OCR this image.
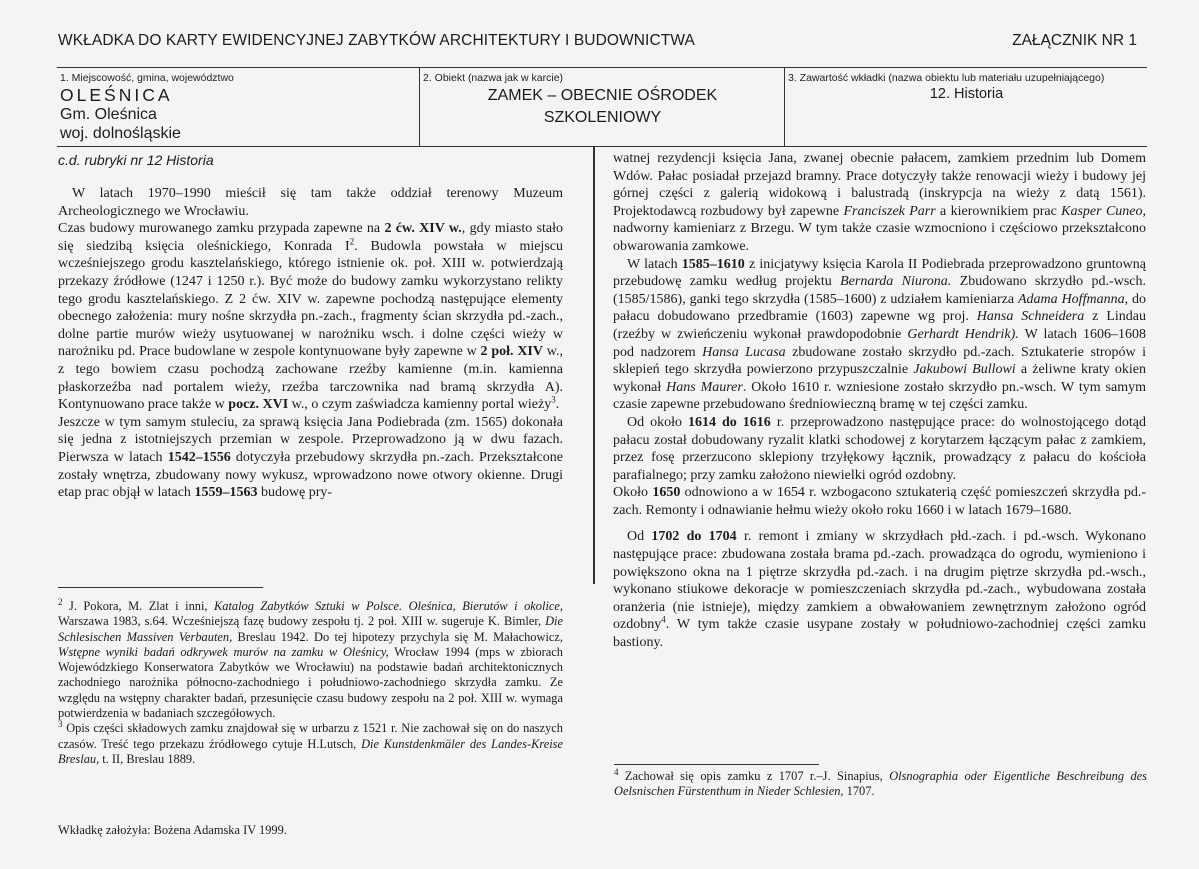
WKŁADKA DO KARTY EWIDENCYJNEJ ZABYTKÓW ARCHITEKTURY I BUDOWNICTWA	ZAŁĄCZNIK NR 1
1. Miejscowość, gmina, województwo
OLEŚNICA
Gm. Oleśnica
woj. dolnośląskie
2. Obiekt (nazwa jak w karcie)
ZAMEK – OBECNIE OŚRODEK
SZKOLENIOWY
3. Zawartość wkładki (nazwa obiektu lub materiału uzupełniającego)
12. Historia
c.d. rubryki nr 12 Historia

W latach 1970–1990 mieścił się tam także oddział terenowy Muzeum Archeologicznego we Wrocławiu.

Czas budowy murowanego zamku przypada zapewne na 2 ćw. XIV w., gdy miasto stało się siedzibą księcia oleśnickiego, Konrada $I^2$. Budowla powstała w miejscu wcześniejszego grodu kasztelańskiego, którego istnienie ok. poł. XIII w. potwierdzają przekazy źródłowe (1247 i 1250 r.). Być może do budowy zamku wykorzystano relikty tego grodu kasztelańskiego. Z 2 ćw. XIV w. zapewne pochodzą następujące elementy obecnego założenia: mury nośne skrzydła pn.-zach., fragmenty ścian skrzydła pd.-zach., dolne partie murów wieży usytuowanej w narożniku wsch. i dolne części wieży w narożniku pd. Prace budowlane w zespole kontynuowane były zapewne w 2 poł. XIV w., z tego bowiem czasu pochodzą zachowane rzeźby kamienne (m.in. kamienna płaskorzeźba nad portalem wieży, rzeźba tarczownika nad bramą skrzydła A). Kontynuowano prace także w pocz. XVI w., o czym zaświadcza kamienny portal wieży$^3$.

Jeszcze w tym samym stuleciu, za sprawą księcia Jana Podiebrada (zm. 1565) dokonała się jedna z istotniejszych przemian w zespole. Przeprowadzono ją w dwu fazach. Pierwsza w latach 1542–1556 dotyczyła przebudowy skrzydła pn.-zach. Przekształcone zostały wnętrza, zbudowany nowy wykusz, wprowadzono nowe otwory okienne. Drugi etap prac objął w latach 1559–1563 budowę pry-

watnej rezydencji księcia Jana, zwanej obecnie pałacem, zamkiem przednim lub Domem Wdów. Pałac posiadał przejazd bramny. Prace dotyczyły także renowacji wieży i budowy jej górnej części z galerią widokową i balustradą (inskrypcja na wieży z datą 1561). Projektodawcą rozbudowy był zapewne Franciszek Parr a kierownikiem prac Kasper Cuneo, nadworny kamieniarz z Brzegu. W tym także czasie wzmocniono i częściowo przekształcono obwarowania zamkowe.

W latach 1585–1610 z inicjatywy księcia Karola II Podiebrada przeprowadzono gruntowną przebudowę zamku według projektu Bernarda Niurona. Zbudowano skrzydło pd.-wsch. (1585/1586), ganki tego skrzydła (1585–1600) z udziałem kamieniarza Adama Hoffmanna, do pałacu dobudowano przedbramie (1603) zapewne wg proj. Hansa Schneidera z Lindau (rzeźby w zwieńczeniu wykonał prawdopodobnie Gerhardt Hendrik). W latach 1606–1608 pod nadzorem Hansa Lucasa zbudowane zostało skrzydło pd.-zach. Sztukaterie stropów i sklepień tego skrzydła powierzono przypuszczalnie Jakubowi Bullowi a żeliwne kraty okien wykonał Hans Maurer. Około 1610 r. wzniesione zostało skrzydło pn.-wsch. W tym samym czasie zapewne przebudowano średniowieczną bramę w tej części zamku.

Od około 1614 do 1616 r. przeprowadzono następujące prace: do wolnostojącego dotąd pałacu został dobudowany ryzalit klatki schodowej z korytarzem łączącym pałac z zamkiem, przez fosę przerzucono sklepiony trzyłękowy łącznik, prowadzący z pałacu do kościoła parafialnego; przy zamku założono niewielki ogród ozdobny.

Około 1650 odnowiono a w 1654 r. wzbogacono sztukaterią część pomieszczeń skrzydła pd.-zach. Remonty i odnawianie hełmu wieży około roku 1660 i w latach 1679–1680.

Od 1702 do 1704 r. remont i zmiany w skrzydłach płd.-zach. i pd.-wsch. Wykonano następujące prace: zbudowana została brama pd.-zach. prowadząca do ogrodu, wymieniono i powiększono okna na 1 piętrze skrzydła pd.-zach. i na drugim piętrze skrzydła pd.-wsch., wykonano stiukowe dekoracje w pomieszczeniach skrzydła pd.-zach., wybudowana została oranżeria (nie istnieje), między zamkiem a obwałowaniem zewnętrznym założono ogród ozdobny$^4$. W tym także czasie usypane zostały w południowo-zachodniej części zamku bastiony.

$^2$ J. Pokora, M. Zlat i inni, Katalog Zabytków Sztuki w Polsce. Oleśnica, Bierutów i okolice, Warszawa 1983, s.64. Wcześniejszą fazę budowy zespołu tj. 2 poł. XIII w. sugeruje K. Bimler, Die Schlesischen Massiven Verbauten, Breslau 1942. Do tej hipotezy przychyla się M. Małachowicz, Wstępne wyniki badań odkrywek murów na zamku w Oleśnicy, Wrocław 1994 (mps w zbiorach Wojewódzkiego Konserwatora Zabytków we Wrocławiu) na podstawie badań architektonicznych zachodniego narożnika północno-zachodniego i południowo-zachodniego skrzydła zamku. Ze względu na wstępny charakter badań, przesunięcie czasu budowy zespołu na 2 poł. XIII w. wymaga potwierdzenia w badaniach szczegółowych.

$^3$ Opis części składowych zamku znajdował się w urbarzu z 1521 r. Nie zachował się on do naszych czasów. Treść tego przekazu źródłowego cytuje H.Lutsch, Die Kunstdenkmäler des Landes-Kreise Breslau, t. II, Breslau 1889.

$^4$ Zachował się opis zamku z 1707 r.–J. Sinapius, Olsnographia oder Eigentliche Beschreibung des Oelsnischen Fürstenthum in Nieder Schlesien, 1707.

Wkładkę założyła: Bożena Adamska IV 1999.
